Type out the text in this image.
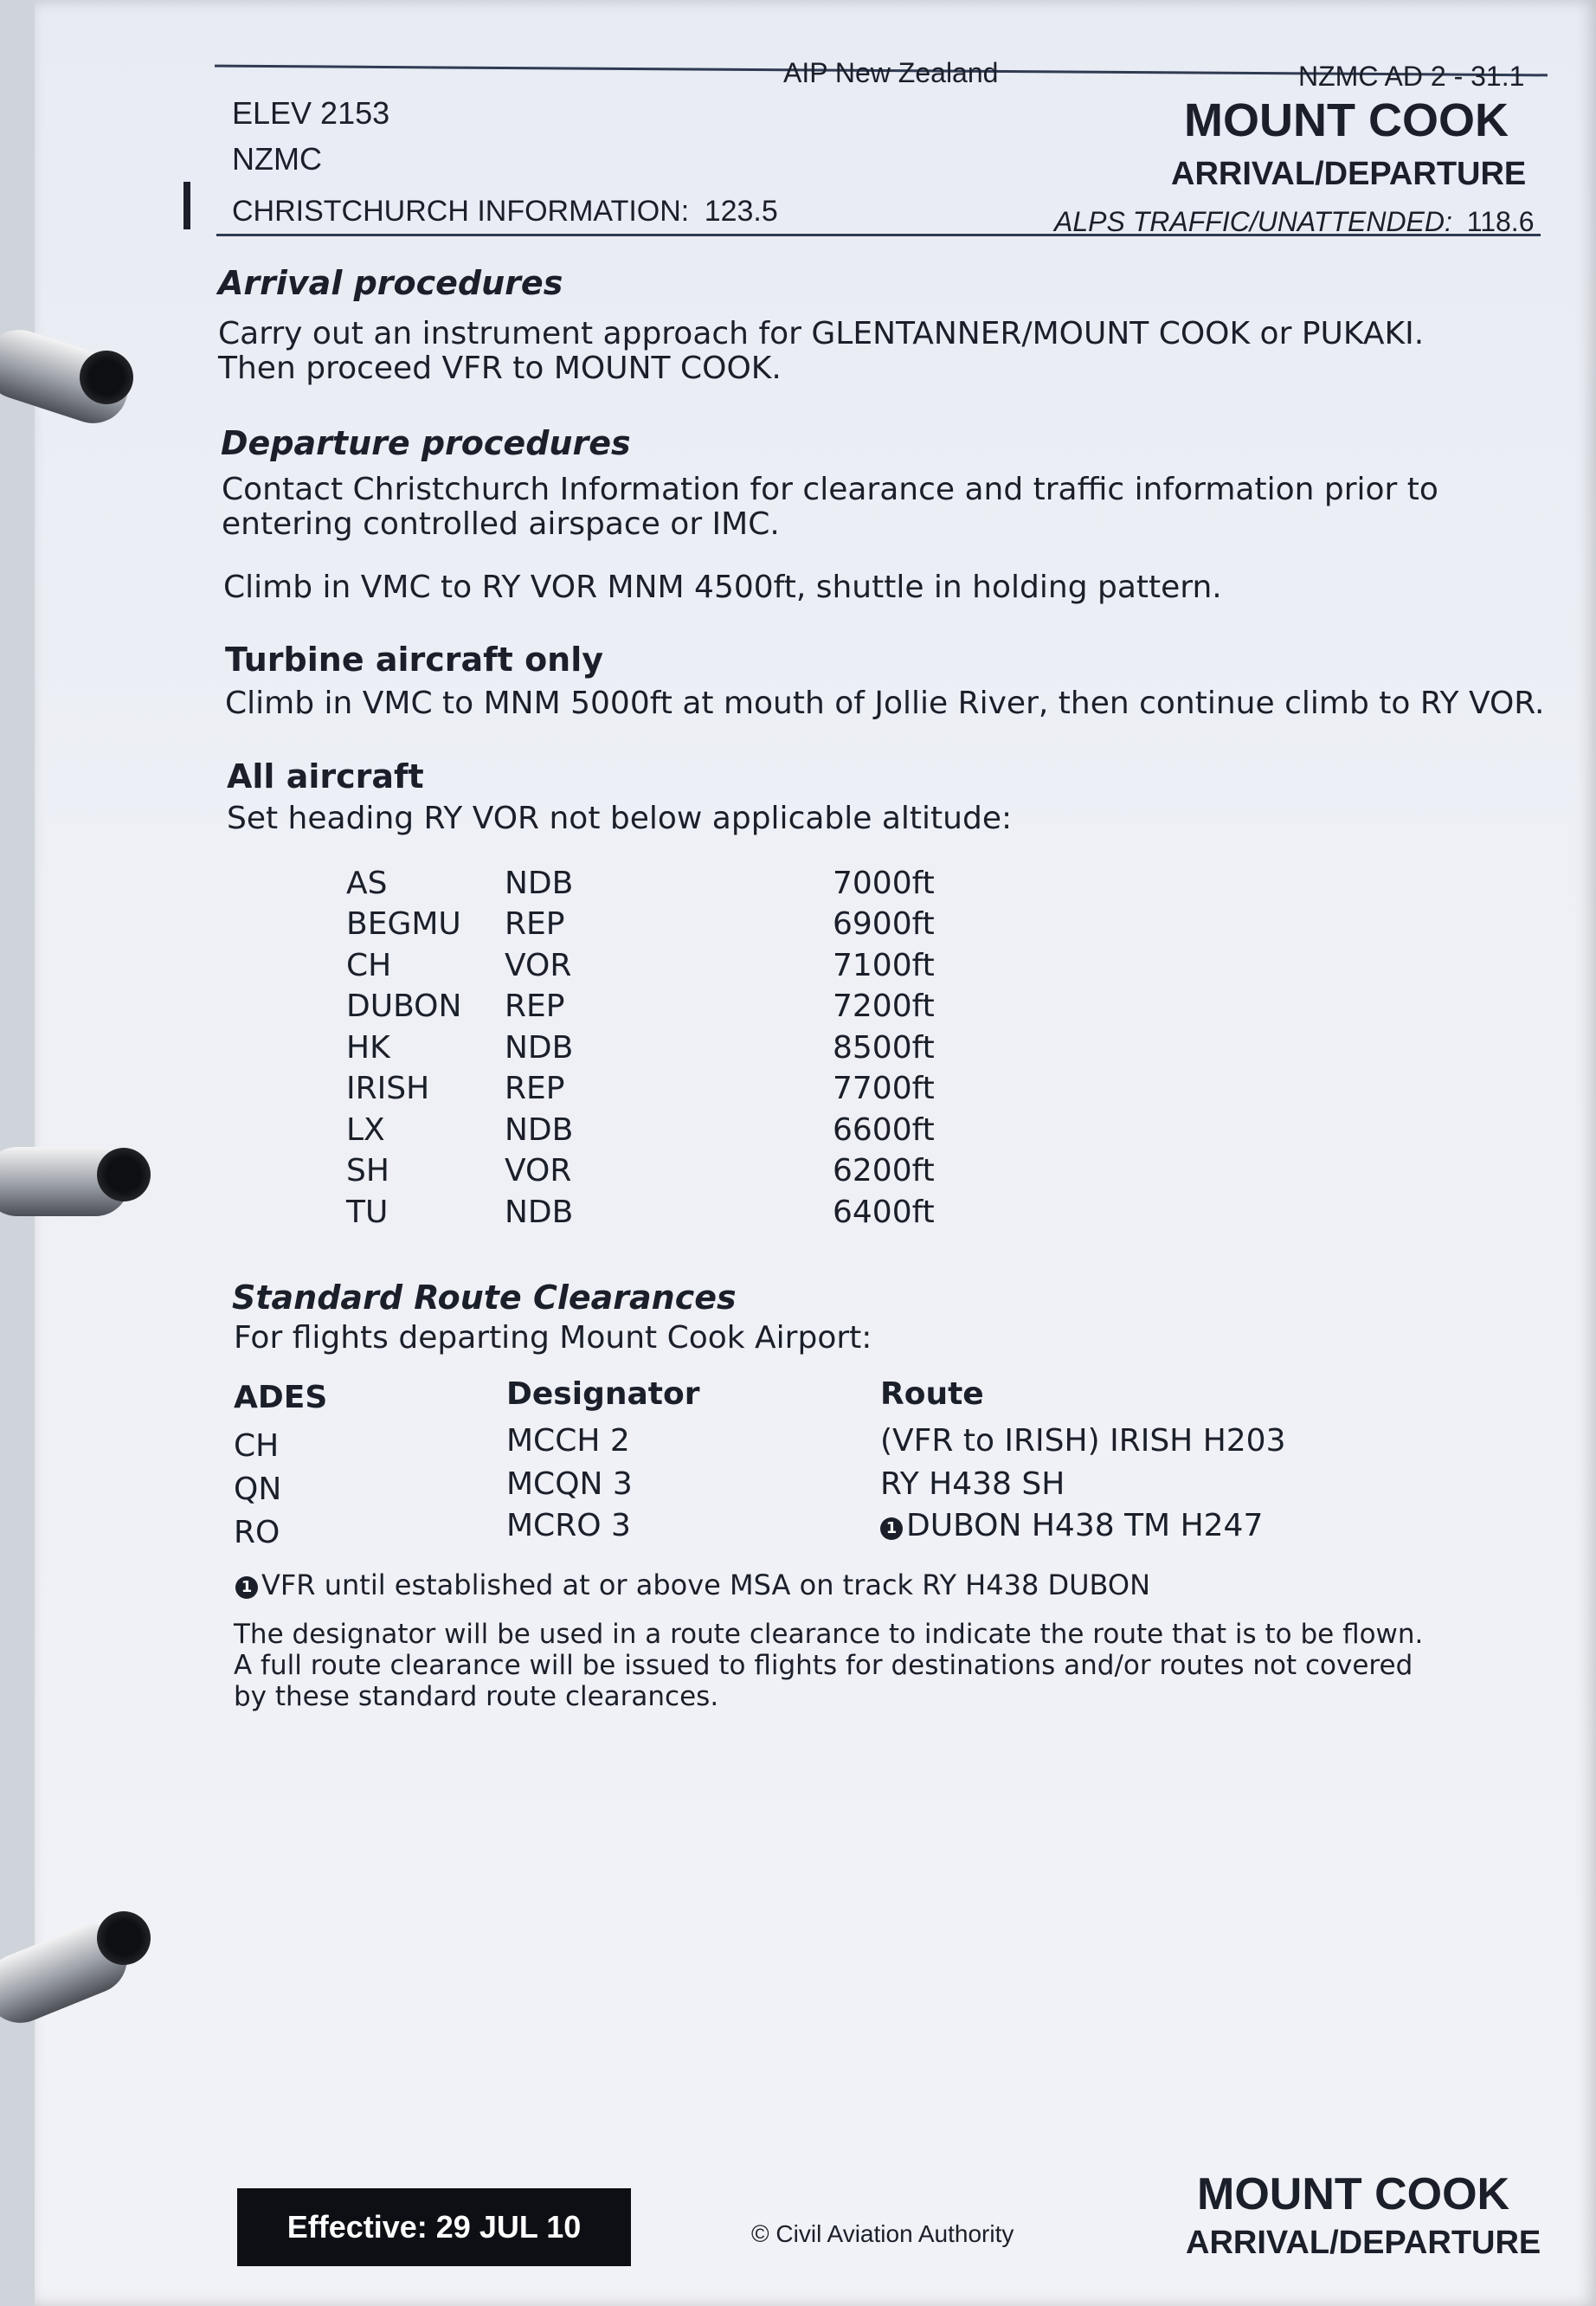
AIP New Zealand	NZMC AD 2 - 31.1
ELEV 2153
NZMC
CHRISTCHURCH INFORMATION: 123.5
MOUNT COOK
ARRIVAL/DEPARTURE
ALPS TRAFFIC/UNATTENDED: 118.6
Arrival procedures
Carry out an instrument approach for GLENTANNER/MOUNT COOK or PUKAKI.
Then proceed VFR to MOUNT COOK.
Departure procedures
Contact Christchurch Information for clearance and traffic information prior to
entering controlled airspace or IMC.
Climb in VMC to RY VOR MNM 4500ft, shuttle in holding pattern.
Turbine aircraft only
Climb in VMC to MNM 5000ft at mouth of Jollie River, then continue climb to RY VOR.
All aircraft
Set heading RY VOR not below applicable altitude:
AS	NDB	7000ft
BEGMU REP	6900ft
CH	VOR	7100ft
DUBON REP	7200ft
HK	NDB	8500ft
IRISH REP	7700ft
LX	NDB	6600ft
SH	VOR	6200ft
TU	NDB	6400ft
Standard Route Clearances
For flights departing Mount Cook Airport:
ADES	Designator	Route
CH	MCCH 2	(VFR to IRISH) IRISH H203
QN	MCQN 3	RY H438 SH
RO	MCRO 3	1 DUBON H438 TM H247
1 VFR until established at or above MSA on track RY H438 DUBON
The designator will be used in a route clearance to indicate the route that is to be flown.
A full route clearance will be issued to flights for destinations and/or routes not covered
by these standard route clearances.
Effective: 29 JUL 10	© Civil Aviation Authority
MOUNT COOK
ARRIVAL/DEPARTURE
